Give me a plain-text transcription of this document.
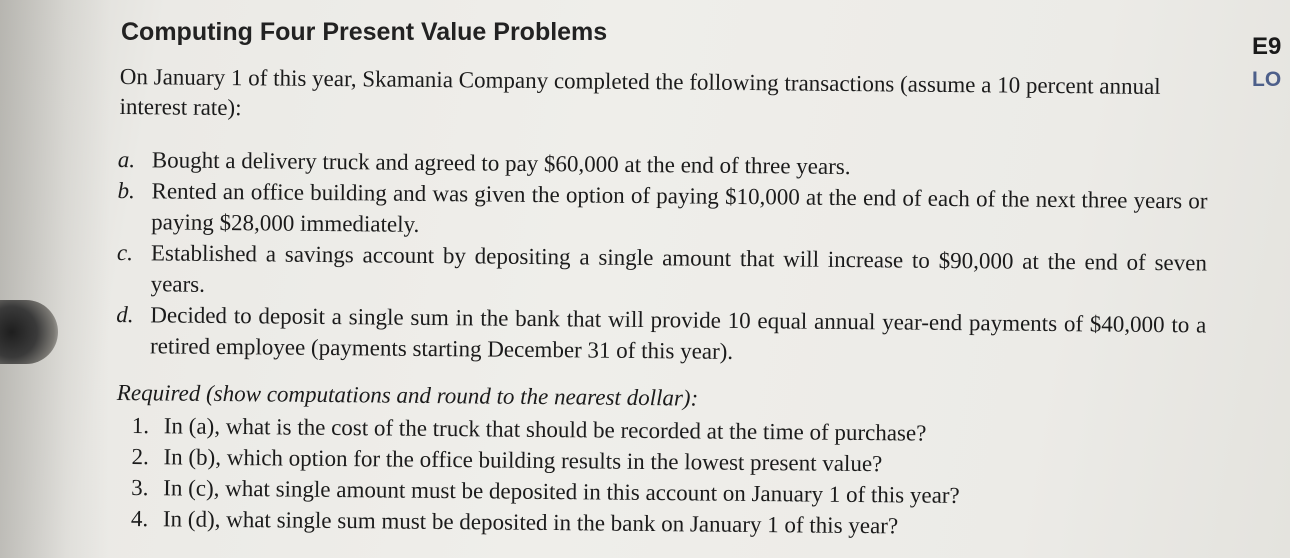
Computing Four Present Value Problems
E9
LO

On January 1 of this year, Skamania Company completed the following transactions (assume a 10 percent annual interest rate):

a. Bought a delivery truck and agreed to pay $60,000 at the end of three years.
b. Rented an office building and was given the option of paying $10,000 at the end of each of the next three years or paying $28,000 immediately.
c. Established a savings account by depositing a single amount that will increase to $90,000 at the end of seven years.
d. Decided to deposit a single sum in the bank that will provide 10 equal annual year-end payments of $40,000 to a retired employee (payments starting December 31 of this year).

Required (show computations and round to the nearest dollar):

1. In (a), what is the cost of the truck that should be recorded at the time of purchase?
2. In (b), which option for the office building results in the lowest present value?
3. In (c), what single amount must be deposited in this account on January 1 of this year?
4. In (d), what single sum must be deposited in the bank on January 1 of this year?
